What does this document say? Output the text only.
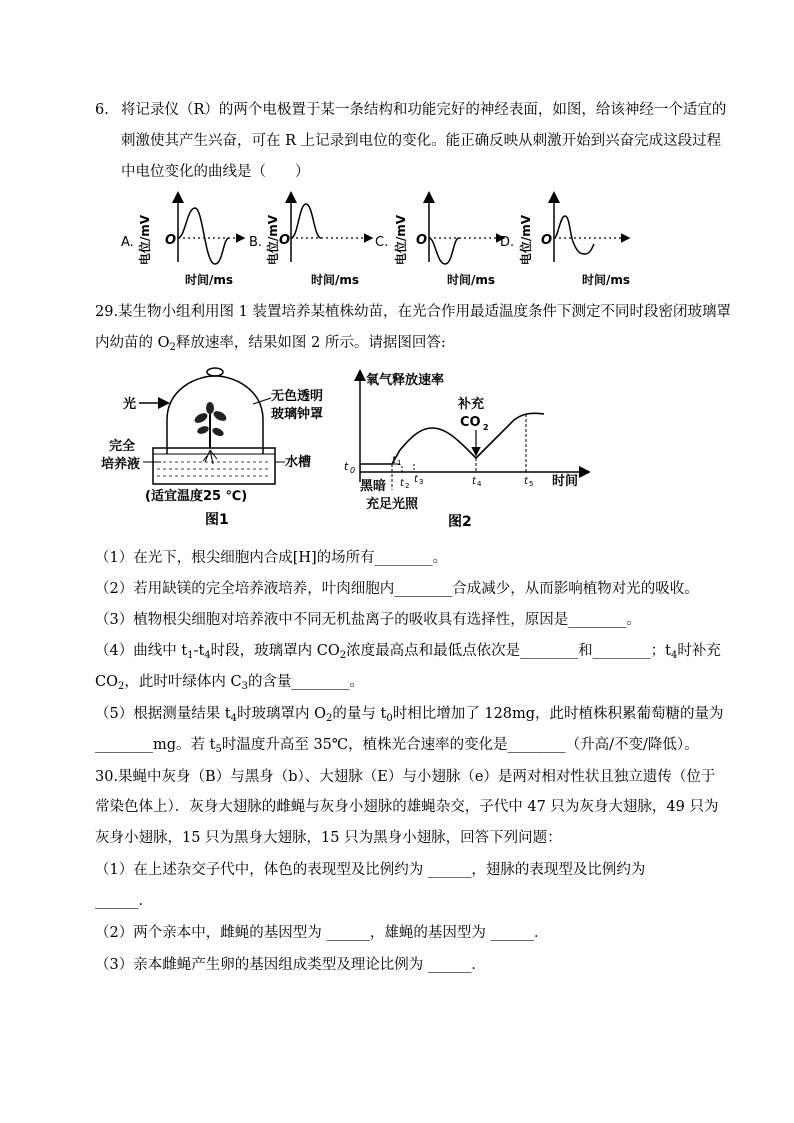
6. 将记录仪（R）的两个电极置于某一条结构和功能完好的神经表面，如图，给该神经一个适宜的
刺激使其产生兴奋，可在 R 上记录到电位的变化。能正确反映从刺激开始到兴奋完成这段过程
中电位变化的曲线是（　　）
A. 电位/mV O
时间/ms
B. 电位/mV O
时间/ms
C. 电位/mV O
时间/ms
D. 电位/mV O
时间/ms
29.某生物小组利用图 1 装置培养某植株幼苗，在光合作用最适温度条件下测定不同时段密闭玻璃罩
内幼苗的 $O_2$释放速率，结果如图 2 所示。请据图回答:
光
无色透明
玻璃钟罩
完全
培养液	水槽
(适宜温度25 ℃)
图1
氧气释放速率
时间
t 0
t 1
t 2
t 3	t 4	t 5
补充
CO 2
黑暗
充足光照
图2
（1）在光下，根尖细胞内合成[H]的场所有________。
（2）若用缺镁的完全培养液培养，叶肉细胞内________合成减少，从而影响植物对光的吸收。
（3）植物根尖细胞对培养液中不同无机盐离子的吸收具有选择性，原因是________。
（4）曲线中 $t_1-t_4$时段，玻璃罩内 $CO_2$浓度最高点和最低点依次是________和________；$t_4$时补充
$CO_2$，此时叶绿体内 $C_3$的含量________。
（5）根据测量结果 $t_4$时玻璃罩内 $O_2$的量与 $t_0$时相比增加了 128mg，此时植株积累葡萄糖的量为
________mg。若 $t_5$时温度升高至 35℃，植株光合速率的变化是________（升高/不变/降低）。
30.果蝇中灰身（B）与黑身（b）、大翅脉（E）与小翅脉（e）是两对相对性状且独立遗传（位于
常染色体上）．灰身大翅脉的雌蝇与灰身小翅脉的雄蝇杂交，子代中 47 只为灰身大翅脉，49 只为
灰身小翅脉，15 只为黑身大翅脉，15 只为黑身小翅脉，回答下列问题：
（1）在上述杂交子代中，体色的表现型及比例约为 ______，翅脉的表现型及比例约为
______．
（2）两个亲本中，雌蝇的基因型为 ______，雄蝇的基因型为 ______．
（3）亲本雌蝇产生卵的基因组成类型及理论比例为 ______．
